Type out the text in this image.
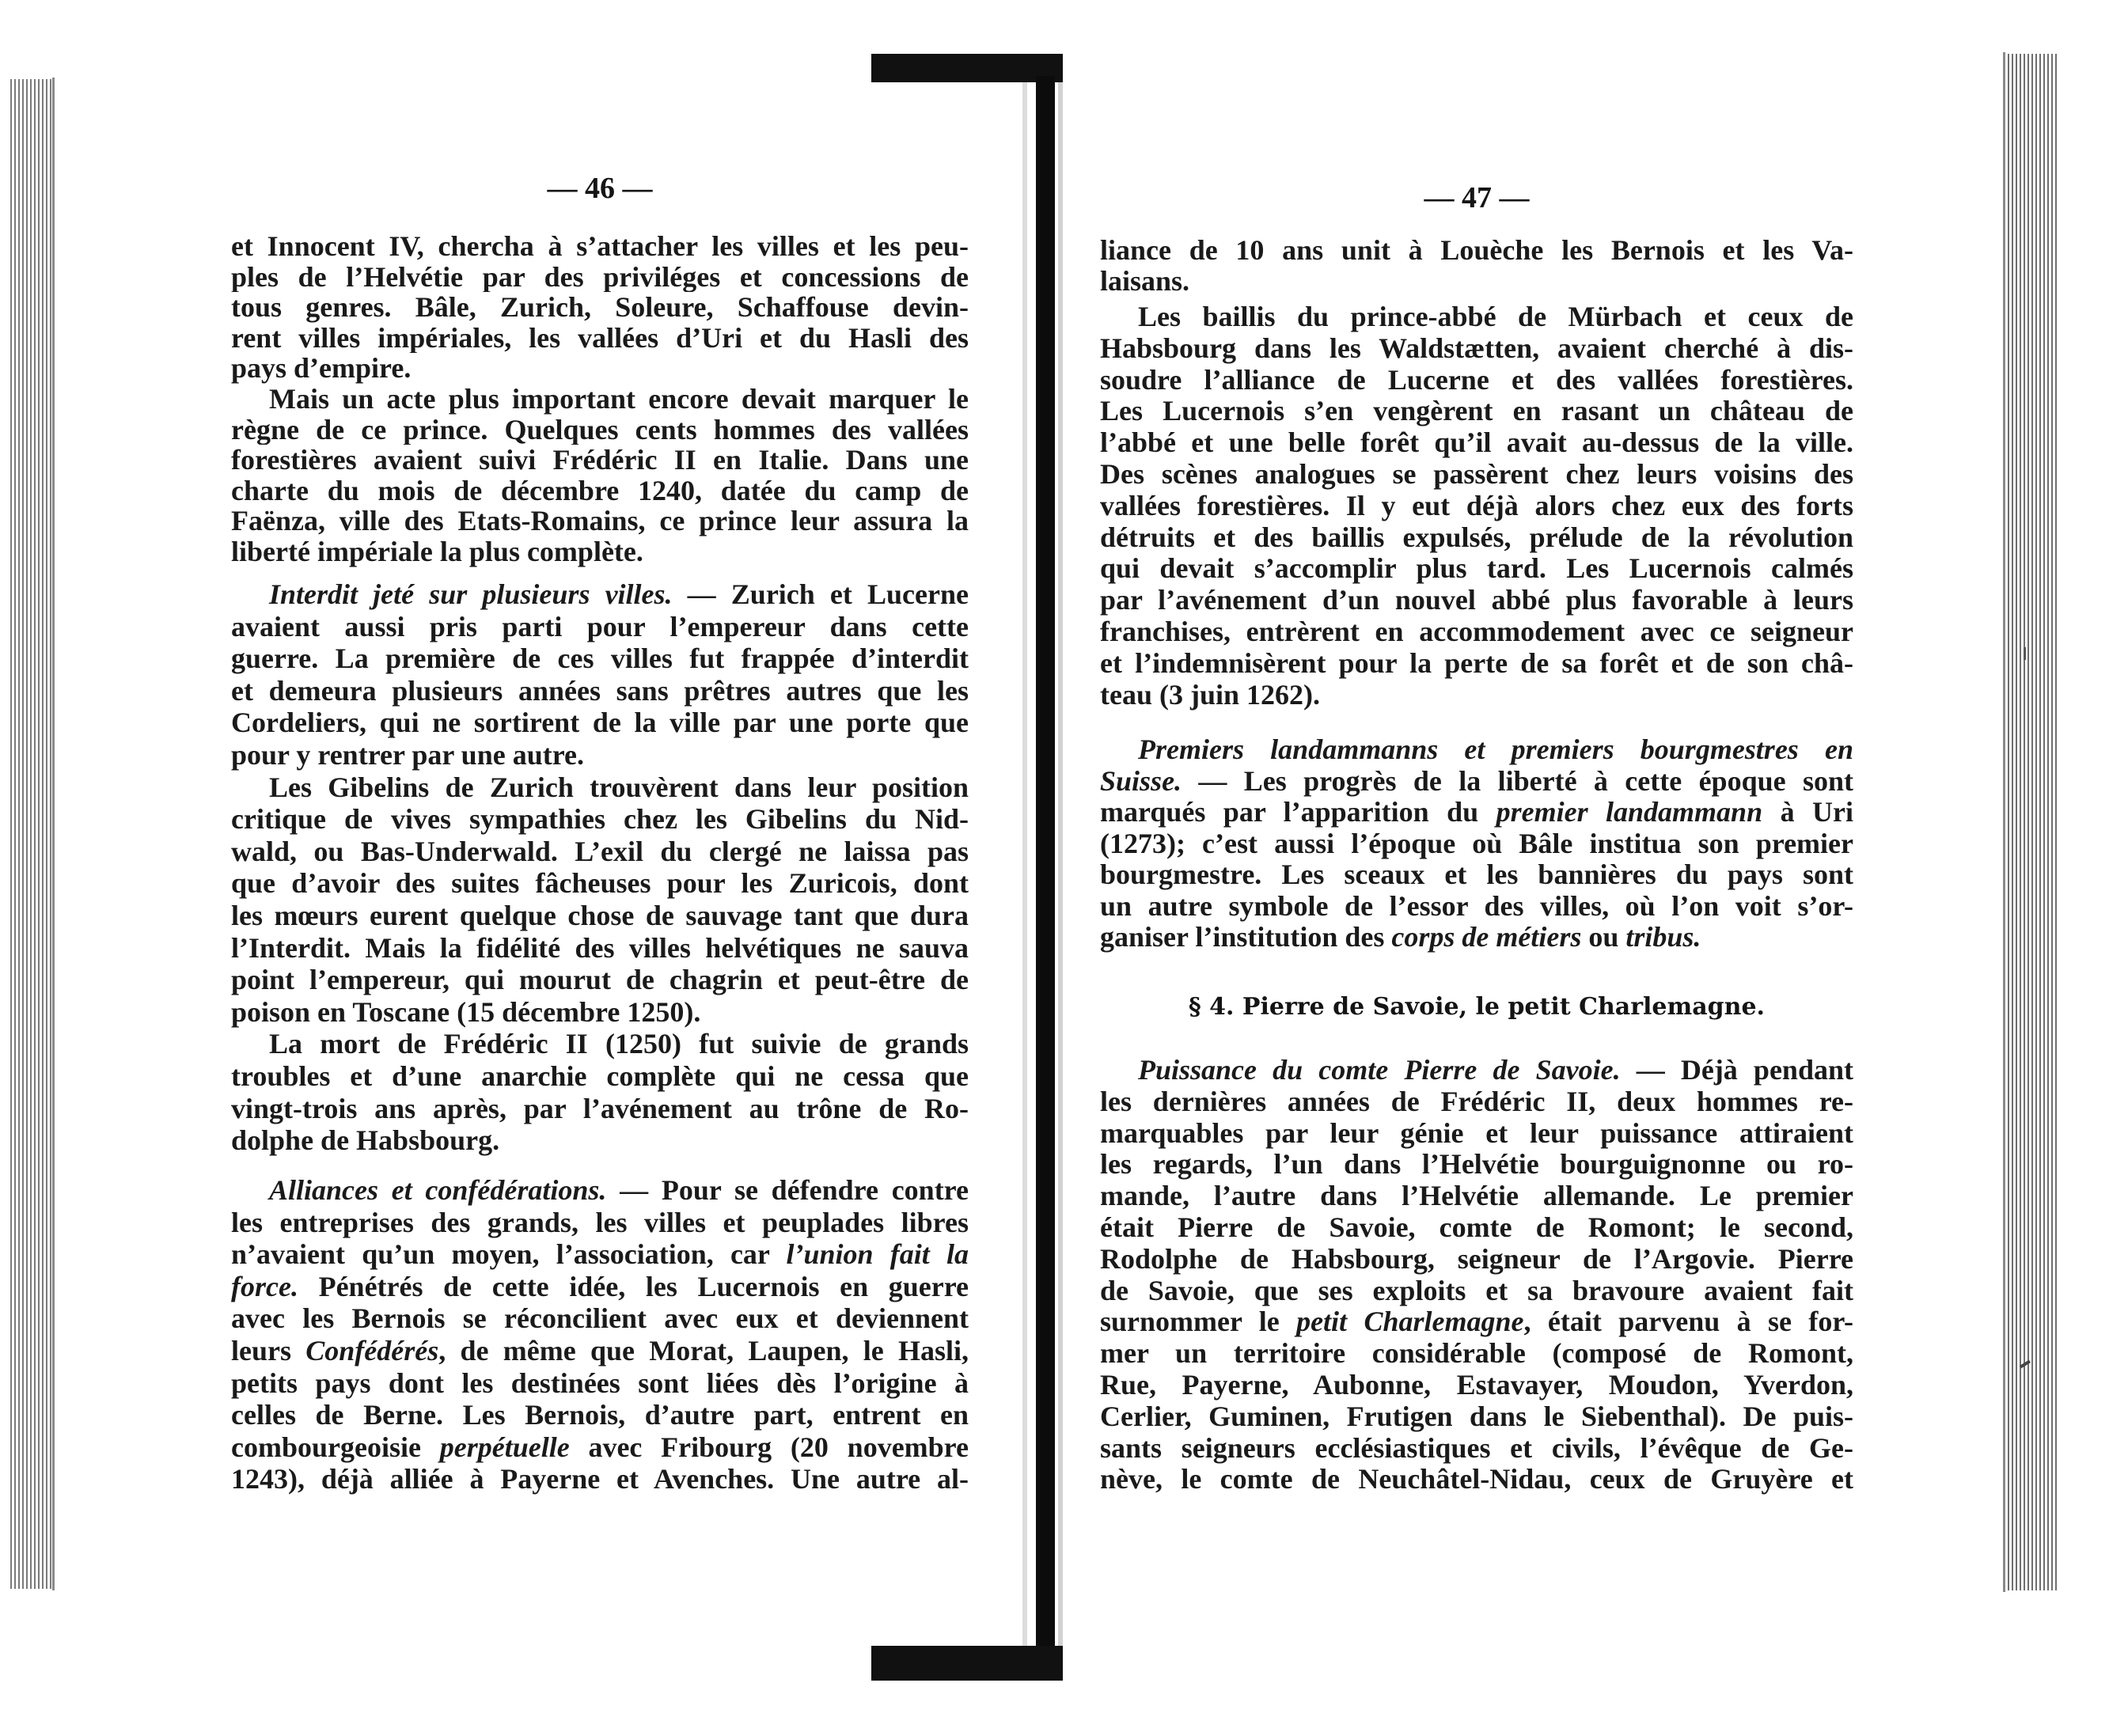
— 46 —
et Innocent IV, chercha à s’attacher les villes et les peu-
ples de l’Helvétie par des priviléges et concessions de
tous genres. Bâle, Zurich, Soleure, Schaffouse devin-
rent villes impériales, les vallées d’Uri et du Hasli des
pays d’empire.
Mais un acte plus important encore devait marquer le
règne de ce prince. Quelques cents hommes des vallées
forestières avaient suivi Frédéric II en Italie. Dans une
charte du mois de décembre 1240, datée du camp de
Faënza, ville des Etats-Romains, ce prince leur assura la
liberté impériale la plus complète.
Interdit jeté sur plusieurs villes. — Zurich et Lucerne
avaient aussi pris parti pour l’empereur dans cette
guerre. La première de ces villes fut frappée d’interdit
et demeura plusieurs années sans prêtres autres que les
Cordeliers, qui ne sortirent de la ville par une porte que
pour y rentrer par une autre.
Les Gibelins de Zurich trouvèrent dans leur position
critique de vives sympathies chez les Gibelins du Nid-
wald, ou Bas-Underwald. L’exil du clergé ne laissa pas
que d’avoir des suites fâcheuses pour les Zuricois, dont
les mœurs eurent quelque chose de sauvage tant que dura
l’Interdit. Mais la fidélité des villes helvétiques ne sauva
point l’empereur, qui mourut de chagrin et peut-être de
poison en Toscane (15 décembre 1250).
La mort de Frédéric II (1250) fut suivie de grands
troubles et d’une anarchie complète qui ne cessa que
vingt-trois ans après, par l’avénement au trône de Ro-
dolphe de Habsbourg.
Alliances et confédérations. — Pour se défendre contre
les entreprises des grands, les villes et peuplades libres
n’avaient qu’un moyen, l’association, car l’union fait la
force. Pénétrés de cette idée, les Lucernois en guerre
avec les Bernois se réconcilient avec eux et deviennent
leurs Confédérés, de même que Morat, Laupen, le Hasli,
petits pays dont les destinées sont liées dès l’origine à
celles de Berne. Les Bernois, d’autre part, entrent en
combourgeoisie perpétuelle avec Fribourg (20 novembre
1243), déjà alliée à Payerne et Avenches. Une autre al-
— 47 —
liance de 10 ans unit à Louèche les Bernois et les Va-
laisans.
Les baillis du prince-abbé de Mürbach et ceux de
Habsbourg dans les Waldstætten, avaient cherché à dis-
soudre l’alliance de Lucerne et des vallées forestières.
Les Lucernois s’en vengèrent en rasant un château de
l’abbé et une belle forêt qu’il avait au-dessus de la ville.
Des scènes analogues se passèrent chez leurs voisins des
vallées forestières. Il y eut déjà alors chez eux des forts
détruits et des baillis expulsés, prélude de la révolution
qui devait s’accomplir plus tard. Les Lucernois calmés
par l’avénement d’un nouvel abbé plus favorable à leurs
franchises, entrèrent en accommodement avec ce seigneur
et l’indemnisèrent pour la perte de sa forêt et de son châ-
teau (3 juin 1262).
Premiers landammanns et premiers bourgmestres en
Suisse. — Les progrès de la liberté à cette époque sont
marqués par l’apparition du premier landammann à Uri
(1273); c’est aussi l’époque où Bâle institua son premier
bourgmestre. Les sceaux et les bannières du pays sont
un autre symbole de l’essor des villes, où l’on voit s’or-
ganiser l’institution des corps de métiers ou tribus.
§ 4. Pierre de Savoie, le petit Charlemagne.
Puissance du comte Pierre de Savoie. — Déjà pendant
les dernières années de Frédéric II, deux hommes re-
marquables par leur génie et leur puissance attiraient
les regards, l’un dans l’Helvétie bourguignonne ou ro-
mande, l’autre dans l’Helvétie allemande. Le premier
était Pierre de Savoie, comte de Romont; le second,
Rodolphe de Habsbourg, seigneur de l’Argovie. Pierre
de Savoie, que ses exploits et sa bravoure avaient fait
surnommer le petit Charlemagne, était parvenu à se for-
mer un territoire considérable (composé de Romont,
Rue, Payerne, Aubonne, Estavayer, Moudon, Yverdon,
Cerlier, Guminen, Frutigen dans le Siebenthal). De puis-
sants seigneurs ecclésiastiques et civils, l’évêque de Ge-
nève, le comte de Neuchâtel-Nidau, ceux de Gruyère et
